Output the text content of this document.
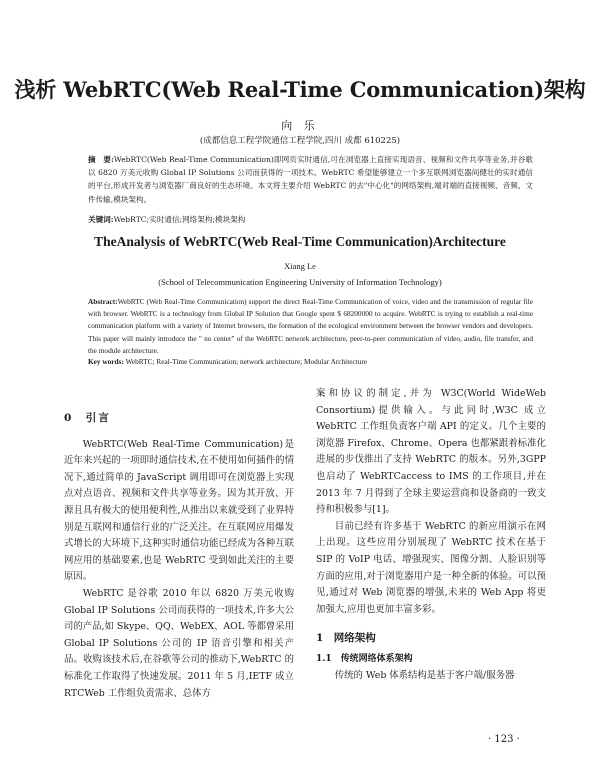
浅析 WebRTC(Web Real-Time Communication)架构
向 乐
(成都信息工程学院通信工程学院,四川 成都 610225)
摘　要:WebRTC(Web Real-Time Communication)即网页实时通信,可在浏览器上直接实现语音、视频和文件共享等业务,并谷歌以 6820 万美元收购 Global IP Solutions 公司而获得的一项技术。WebRTC 希望能够建立一个多互联网浏览器间健壮的实时通信的平台,形成开发者与浏览器厂商良好的生态环境。本文将主要介绍 WebRTC 的去"中心化"的网络架构,端对端的直接视频、音频、文件传输,模块架构。
关键词:WebRTC;实时通信;网络架构;模块架构
TheAnalysis of WebRTC(Web Real-Time Communication)Architecture
Xiang Le
(School of Telecommunication Engineering University of Information Technology)
Abstract:WebRTC (Web Real-Time Communication) support the direct Real-Time Communication of voice, video and the transmission of regular file with browser. WebRTC is a technology from Global IP Solution that Google spent $ 68200000 to acquire. WebRTC is trying to establish a real-time communication platform with a variety of Internet browsers, the formation of the ecological environment between the browser vendors and developers. This paper will mainly introduce the " no center" of the WebRTC network architecture, peer-to-peer communication of video, audio, file transfer, and the module architecture.
Key words: WebRTC; Real-Time Communication; network architecture; Modular Architecture
0　引言

WebRTC(Web Real-Time Communication)是近年来兴起的一项即时通信技术,在不使用如何插件的情况下,通过简单的 JavaScript 调用即可在浏览器上实现点对点语音、视频和文件共享等业务。因为其开放、开源且具有极大的使用便利性,从推出以来就受到了业界特别是互联网和通信行业的广泛关注。在互联网应用爆发式增长的大环境下,这种实时通信功能已经成为各种互联网应用的基础要素,也是 WebRTC 受到如此关注的主要原因。

WebRTC 是谷歌 2010 年以 6820 万美元收购 Global IP Solutions 公司而获得的一项技术,许多大公司的产品,如 Skype、QQ、WebEX、AOL 等都曾采用 Global IP Solutions 公司的 IP 语音引擎和相关产品。收购该技术后,在谷歌等公司的推动下,WebRTC 的标准化工作取得了快速发展。2011 年 5 月,IETF 成立 RTCWeb 工作组负责需求、总体方

案和协议的制定,并为 W3C(World WideWeb Consortium)提供输入。与此同时,W3C 成立 WebRTC 工作组负责客户端 API 的定义。几个主要的浏览器 Firefox、Chrome、Opera 也都紧跟着标准化进展的步伐推出了支持 WebRTC 的版本。另外,3GPP 也启动了 WebRTCaccess to IMS 的工作项目,并在 2013 年 7 月得到了全球主要运营商和设备商的一致支持和积极参与[1]。

目前已经有许多基于 WebRTC 的新应用演示在网上出现。这些应用分别展现了 WebRTC 技术在基于 SIP 的 VoIP 电话、增强现实、图像分割、人脸识别等方面的应用,对于浏览器用户是一种全新的体验。可以预见,通过对 Web 浏览器的增强,未来的 Web App 将更加强大,应用也更加丰富多彩。

1　网络架构
1.1　传统网络体系架构

传统的 Web 体系结构是基于客户端/服务器

· 123 ·
